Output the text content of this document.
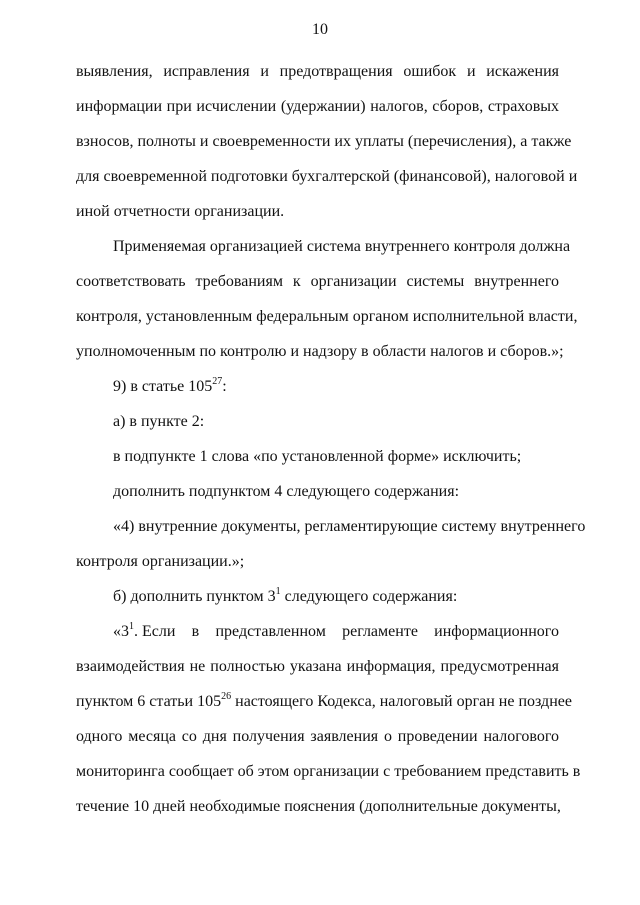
10
выявления, исправления и предотвращения ошибок и искажения
информации при исчислении (удержании) налогов, сборов, страховых
взносов, полноты и своевременности их уплаты (перечисления), а также
для своевременной подготовки бухгалтерской (финансовой), налоговой и
иной отчетности организации.
Применяемая организацией система внутреннего контроля должна
соответствовать требованиям к организации системы внутреннего
контроля, установленным федеральным органом исполнительной власти,
уполномоченным по контролю и надзору в области налогов и сборов.»;
9) в статье $105^{27}$:
а) в пункте 2:
в подпункте 1 слова «по установленной форме» исключить;
дополнить подпунктом 4 следующего содержания:
«4) внутренние документы, регламентирующие систему внутреннего
контроля организации.»;
б) дополнить пунктом $3^1$ следующего содержания:
«$3^1$. Если в представленном регламенте информационного
взаимодействия не полностью указана информация, предусмотренная
пунктом 6 статьи $105^{26}$ настоящего Кодекса, налоговый орган не позднее
одного месяца со дня получения заявления о проведении налогового
мониторинга сообщает об этом организации с требованием представить в
течение 10 дней необходимые пояснения (дополнительные документы,
